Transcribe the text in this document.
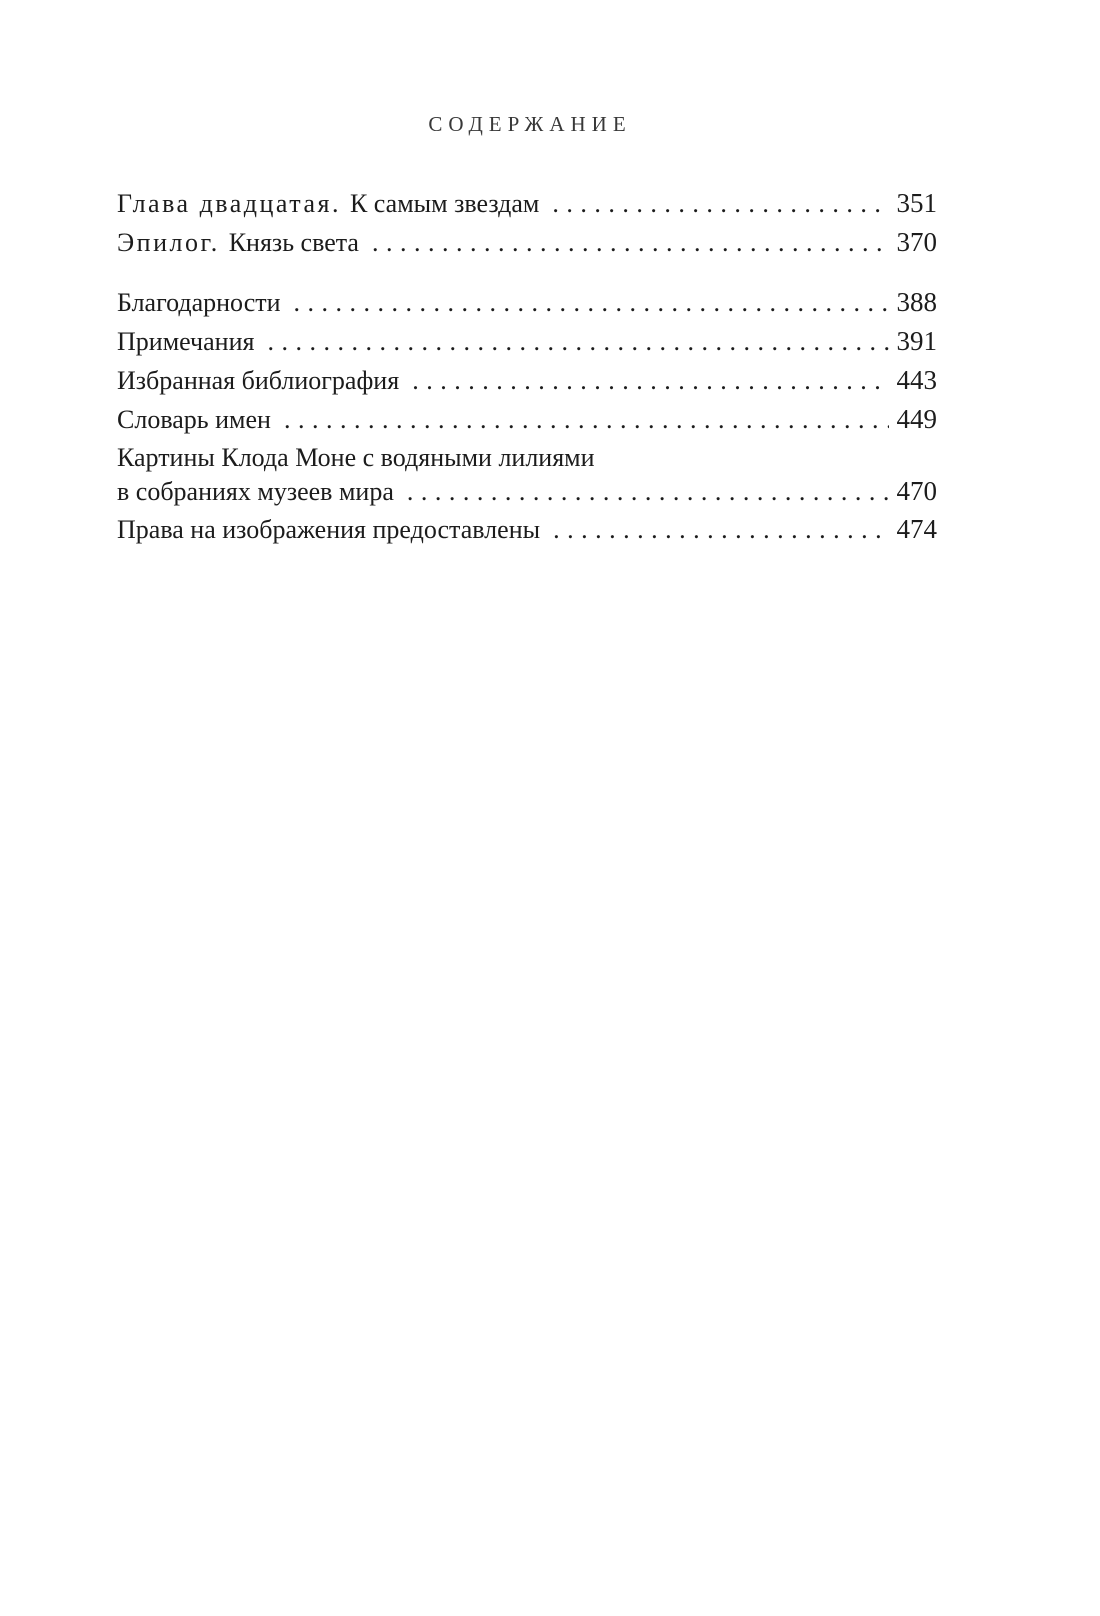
СОДЕРЖАНИЕ
Глава двадцатая. К самым звездам .....	351
Эпилог. Князь света .....	370
Благодарности .....	388
Примечания .....	391
Избранная библиография .....	443
Словарь имен .....	449
Картины Клода Моне с водяными лилиями
в собраниях музеев мира .....	470
Права на изображения предоставлены .....	474
